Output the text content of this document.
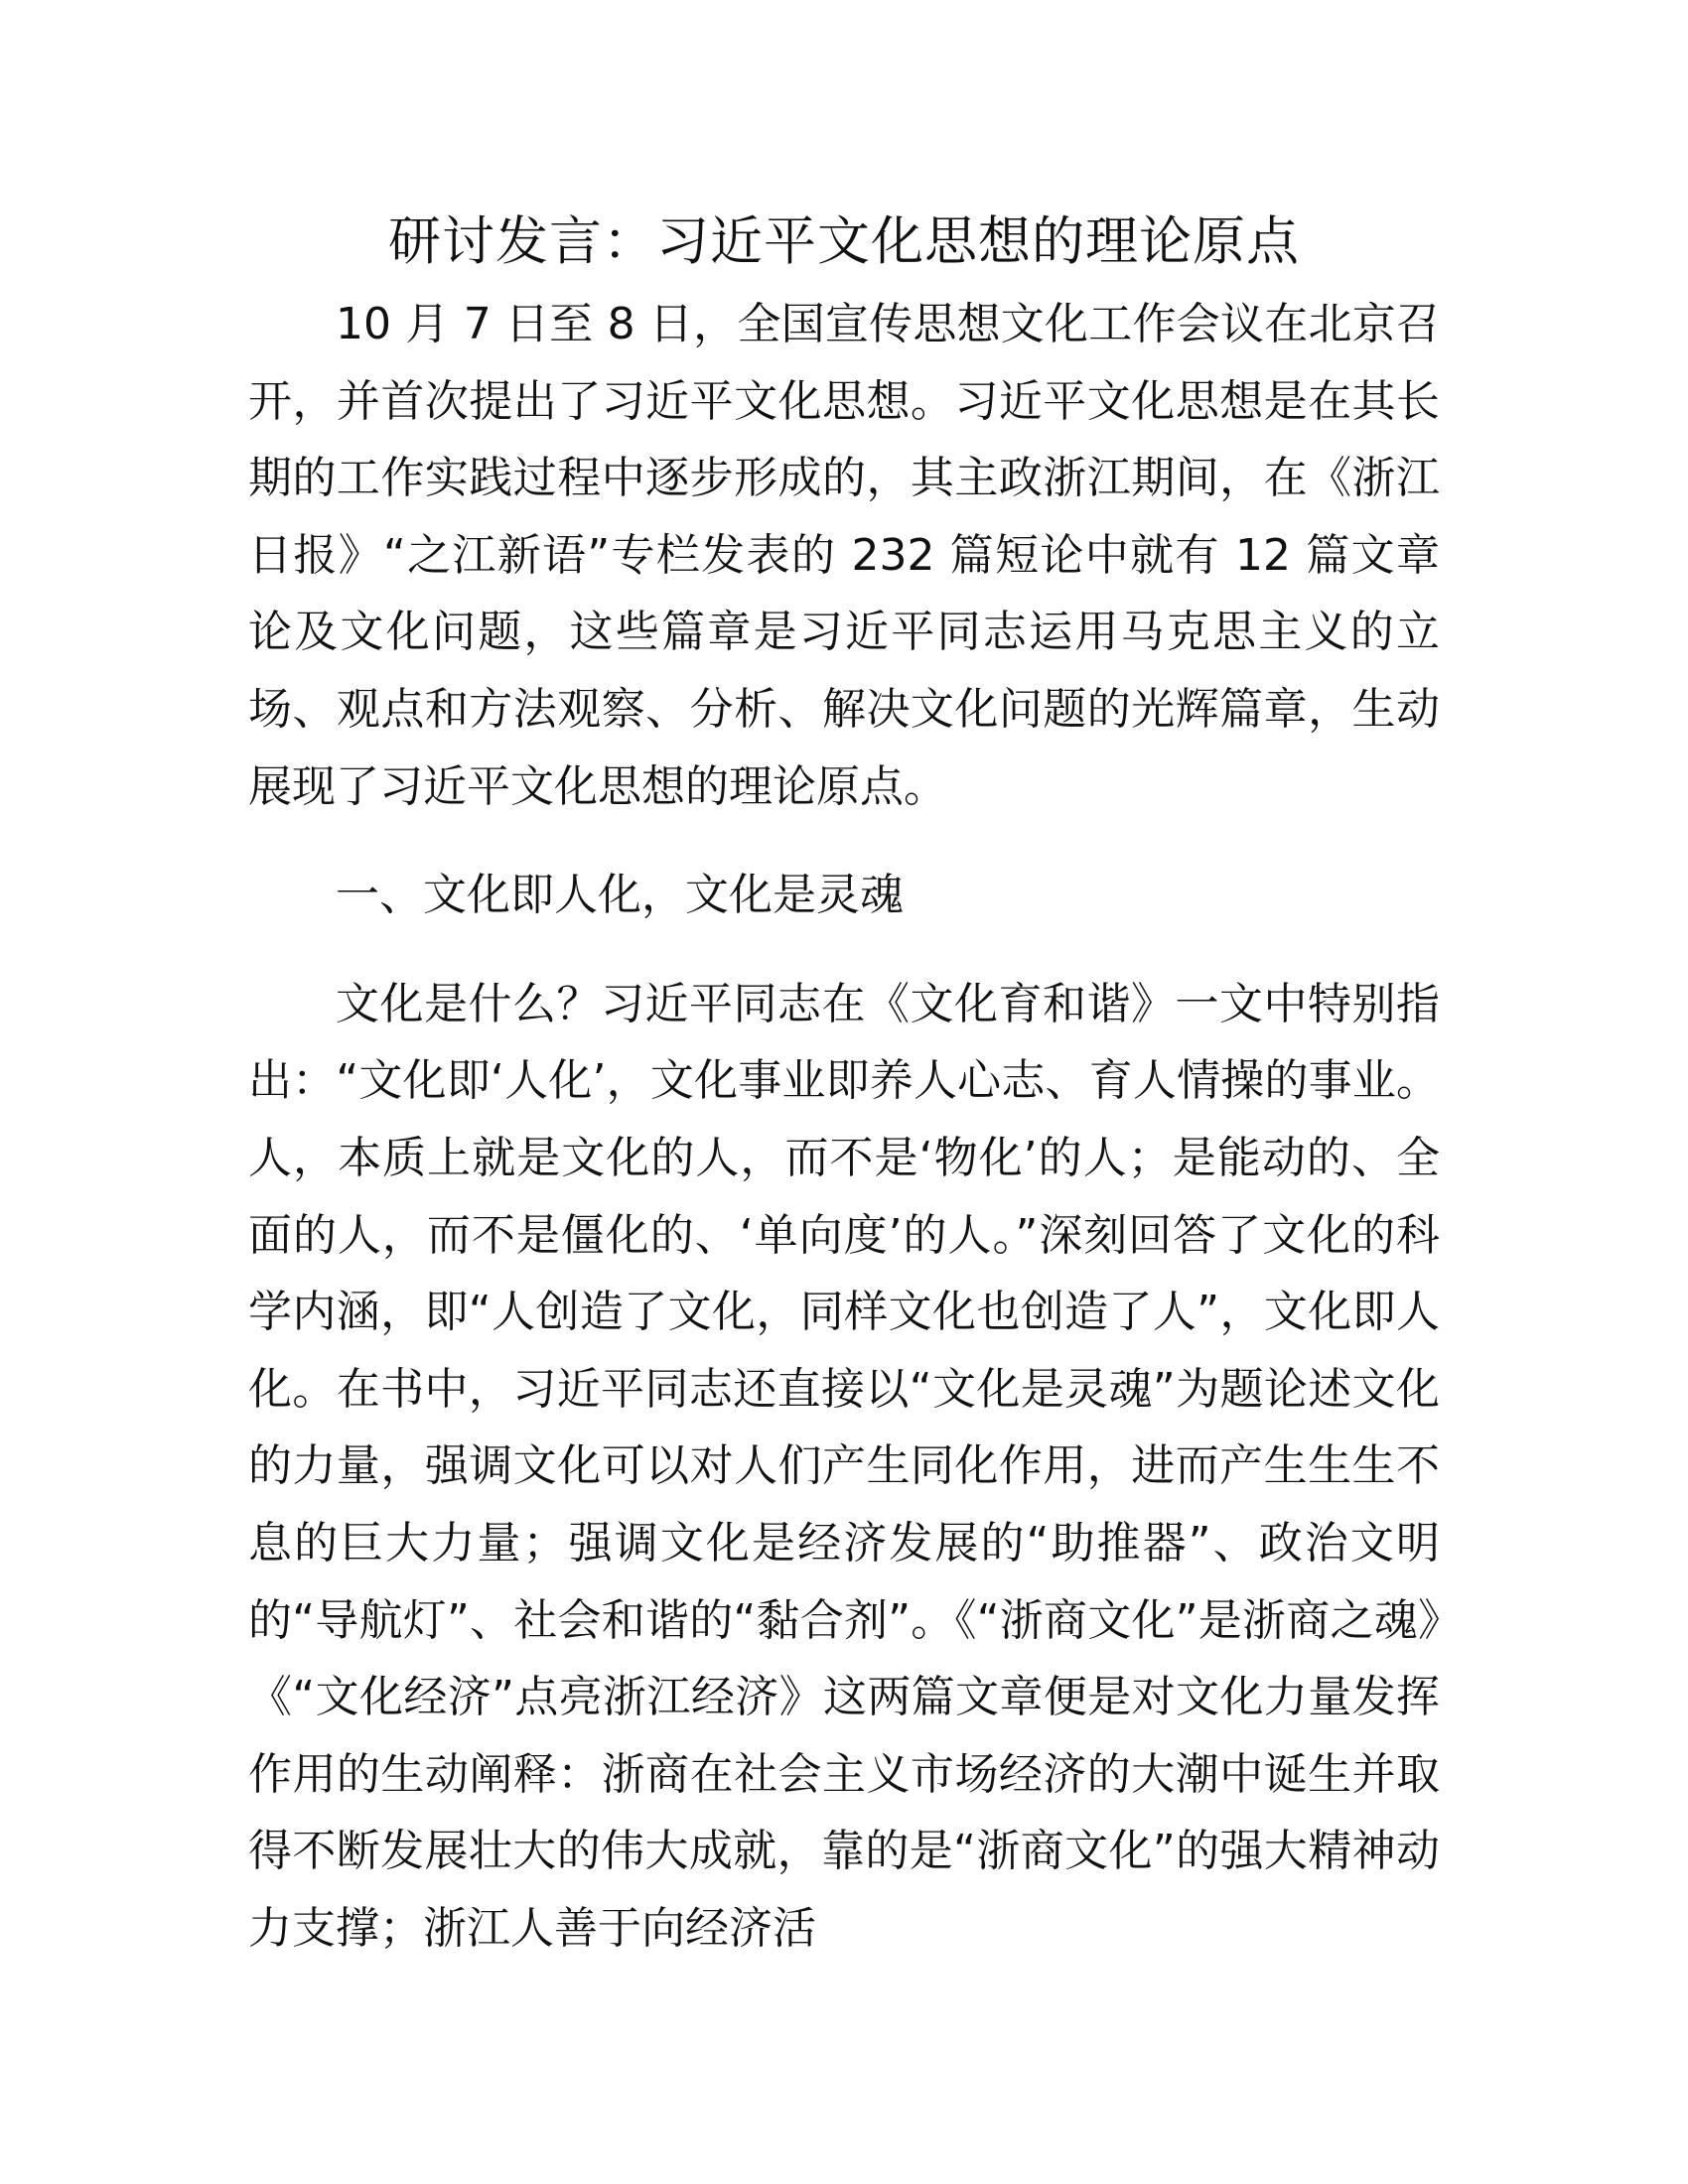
研讨发言：习近平文化思想的理论原点

10 月 7 日至 8 日，全国宣传思想文化工作会议在北京召开，并首次提出了习近平文化思想。习近平文化思想是在其长期的工作实践过程中逐步形成的，其主政浙江期间，在《浙江日报》“之江新语”专栏发表的 232 篇短论中就有 12 篇文章论及文化问题，这些篇章是习近平同志运用马克思主义的立场、观点和方法观察、分析、解决文化问题的光辉篇章，生动展现了习近平文化思想的理论原点。

一、文化即人化，文化是灵魂

文化是什么？习近平同志在《文化育和谐》一文中特别指出：“文化即‘人化’，文化事业即养人心志、育人情操的事业。人，本质上就是文化的人，而不是‘物化’的人；是能动的、全面的人，而不是僵化的、‘单向度’的人。”深刻回答了文化的科学内涵，即“人创造了文化，同样文化也创造了人”，文化即人化。在书中，习近平同志还直接以“文化是灵魂”为题论述文化的力量，强调文化可以对人们产生同化作用，进而产生生生不息的巨大力量；强调文化是经济发展的“助推器”、政治文明的“导航灯”、社会和谐的“黏合剂”。《“浙商文化”是浙商之魂》《“文化经济”点亮浙江经济》这两篇文章便是对文化力量发挥作用的生动阐释：浙商在社会主义市场经济的大潮中诞生并取得不断发展壮大的伟大成就，靠的是“浙商文化”的强大精神动力支撑；浙江人善于向经济活
